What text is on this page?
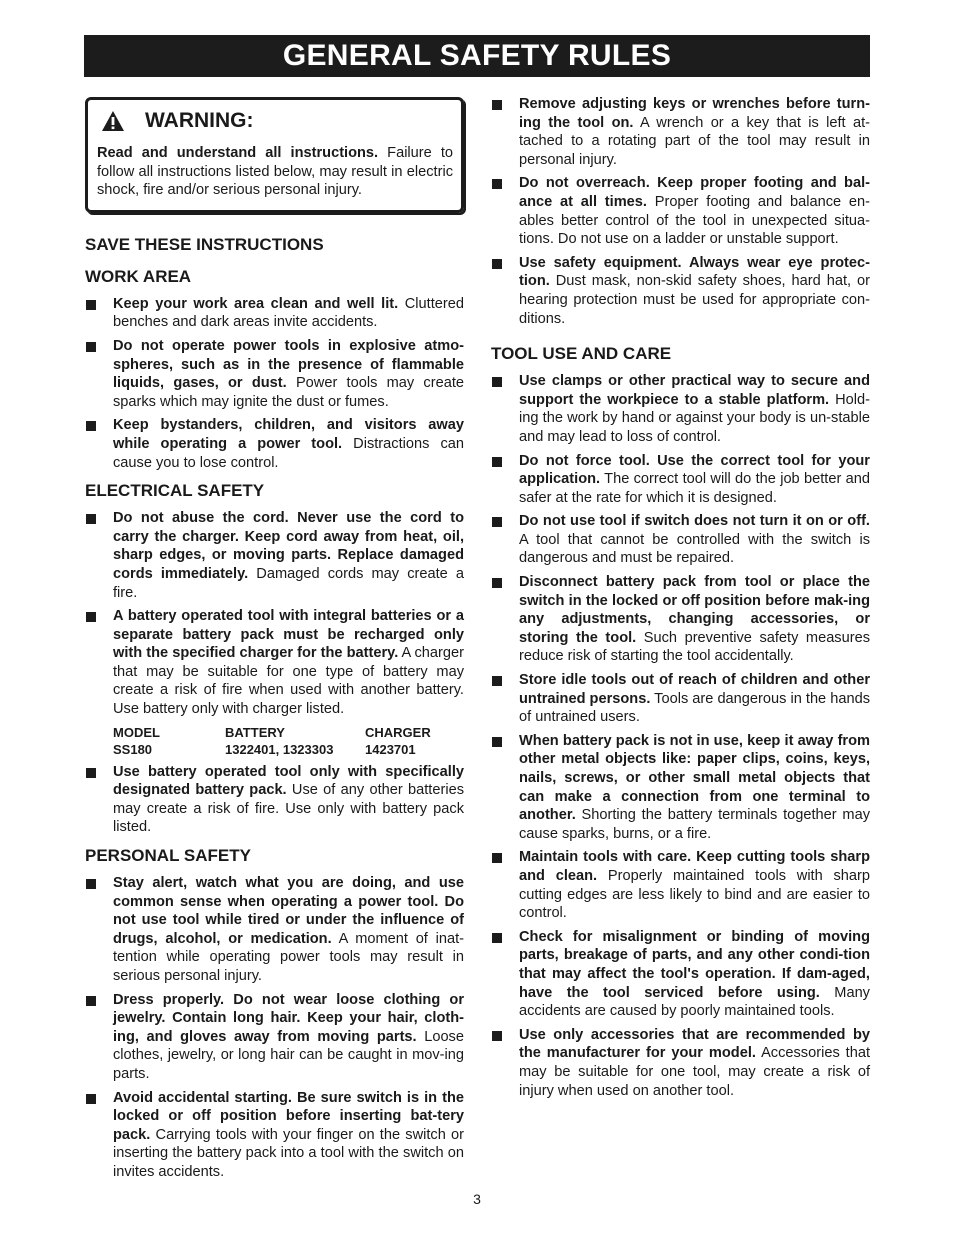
GENERAL SAFETY RULES
WARNING:
Read and understand all instructions. Failure to follow all instructions listed below, may result in electric shock, fire and/or serious personal injury.
SAVE THESE INSTRUCTIONS
WORK AREA
Keep your work area clean and well lit. Cluttered benches and dark areas invite accidents.
Do not operate power tools in explosive atmo-spheres, such as in the presence of flammable liquids, gases, or dust. Power tools may create sparks which may ignite the dust or fumes.
Keep bystanders, children, and visitors away while operating a power tool. Distractions can cause you to lose control.
ELECTRICAL SAFETY
Do not abuse the cord. Never use the cord to carry the charger. Keep cord away from heat, oil, sharp edges, or moving parts. Replace damaged cords immediately. Damaged cords may create a fire.
A battery operated tool with integral batteries or a separate battery pack must be recharged only with the specified charger for the battery. A charger that may be suitable for one type of battery may create a risk of fire when used with another battery. Use battery only with charger listed.
MODEL	BATTERY	CHARGER
SS180	1322401, 1323303	1423701
Use battery operated tool only with specifically designated battery pack. Use of any other batteries may create a risk of fire. Use only with battery pack listed.
PERSONAL SAFETY
Stay alert, watch what you are doing, and use common sense when operating a power tool. Do not use tool while tired or under the influence of drugs, alcohol, or medication. A moment of inat-tention while operating power tools may result in serious personal injury.
Dress properly. Do not wear loose clothing or jewelry. Contain long hair. Keep your hair, cloth-ing, and gloves away from moving parts. Loose clothes, jewelry, or long hair can be caught in mov-ing parts.
Avoid accidental starting. Be sure switch is in the locked or off position before inserting bat-tery pack. Carrying tools with your finger on the switch or inserting the battery pack into a tool with the switch on invites accidents.
Remove adjusting keys or wrenches before turn-ing the tool on. A wrench or a key that is left at-tached to a rotating part of the tool may result in personal injury.
Do not overreach. Keep proper footing and bal-ance at all times. Proper footing and balance en-ables better control of the tool in unexpected situa-tions. Do not use on a ladder or unstable support.
Use safety equipment. Always wear eye protec-tion. Dust mask, non-skid safety shoes, hard hat, or hearing protection must be used for appropriate con-ditions.
TOOL USE AND CARE
Use clamps or other practical way to secure and support the workpiece to a stable platform. Hold-ing the work by hand or against your body is un-stable and may lead to loss of control.
Do not force tool. Use the correct tool for your application. The correct tool will do the job better and safer at the rate for which it is designed.
Do not use tool if switch does not turn it on or off. A tool that cannot be controlled with the switch is dangerous and must be repaired.
Disconnect battery pack from tool or place the switch in the locked or off position before mak-ing any adjustments, changing accessories, or storing the tool. Such preventive safety measures reduce risk of starting the tool accidentally.
Store idle tools out of reach of children and other untrained persons. Tools are dangerous in the hands of untrained users.
When battery pack is not in use, keep it away from other metal objects like: paper clips, coins, keys, nails, screws, or other small metal objects that can make a connection from one terminal to another. Shorting the battery terminals together may cause sparks, burns, or a fire.
Maintain tools with care. Keep cutting tools sharp and clean. Properly maintained tools with sharp cutting edges are less likely to bind and are easier to control.
Check for misalignment or binding of moving parts, breakage of parts, and any other condi-tion that may affect the tool's operation. If dam-aged, have the tool serviced before using. Many accidents are caused by poorly maintained tools.
Use only accessories that are recommended by the manufacturer for your model. Accessories that may be suitable for one tool, may create a risk of injury when used on another tool.
3
